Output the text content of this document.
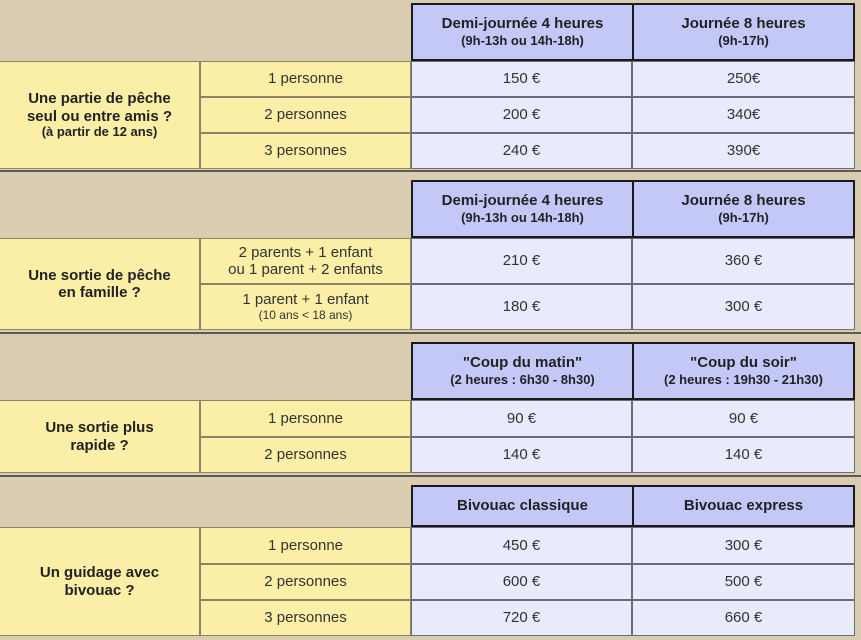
Demi-journée 4 heures
(9h-13h ou 14h-18h)
Journée 8 heures
(9h-17h)
Une partie de pêche
seul ou entre amis ?
(à partir de 12 ans)
1 personne	150 €	250€
2 personnes	200 €	340€
3 personnes	240 €	390€
Demi-journée 4 heures
(9h-13h ou 14h-18h)
Journée 8 heures
(9h-17h)
Une sortie de pêche
en famille ?
2 parents + 1 enfant
ou 1 parent + 2 enfants
210 €	360 €
1 parent + 1 enfant
(10 ans < 18 ans)	180 €	300 €
"Coup du matin"
(2 heures : 6h30 - 8h30)
"Coup du soir"
(2 heures : 19h30 - 21h30)
Une sortie plus
rapide ?
1 personne	90 €	90 €
2 personnes	140 €	140 €
Bivouac classique	Bivouac express
Un guidage avec
bivouac ?
1 personne	450 €	300 €
2 personnes	600 €	500 €
3 personnes	720 €	660 €
